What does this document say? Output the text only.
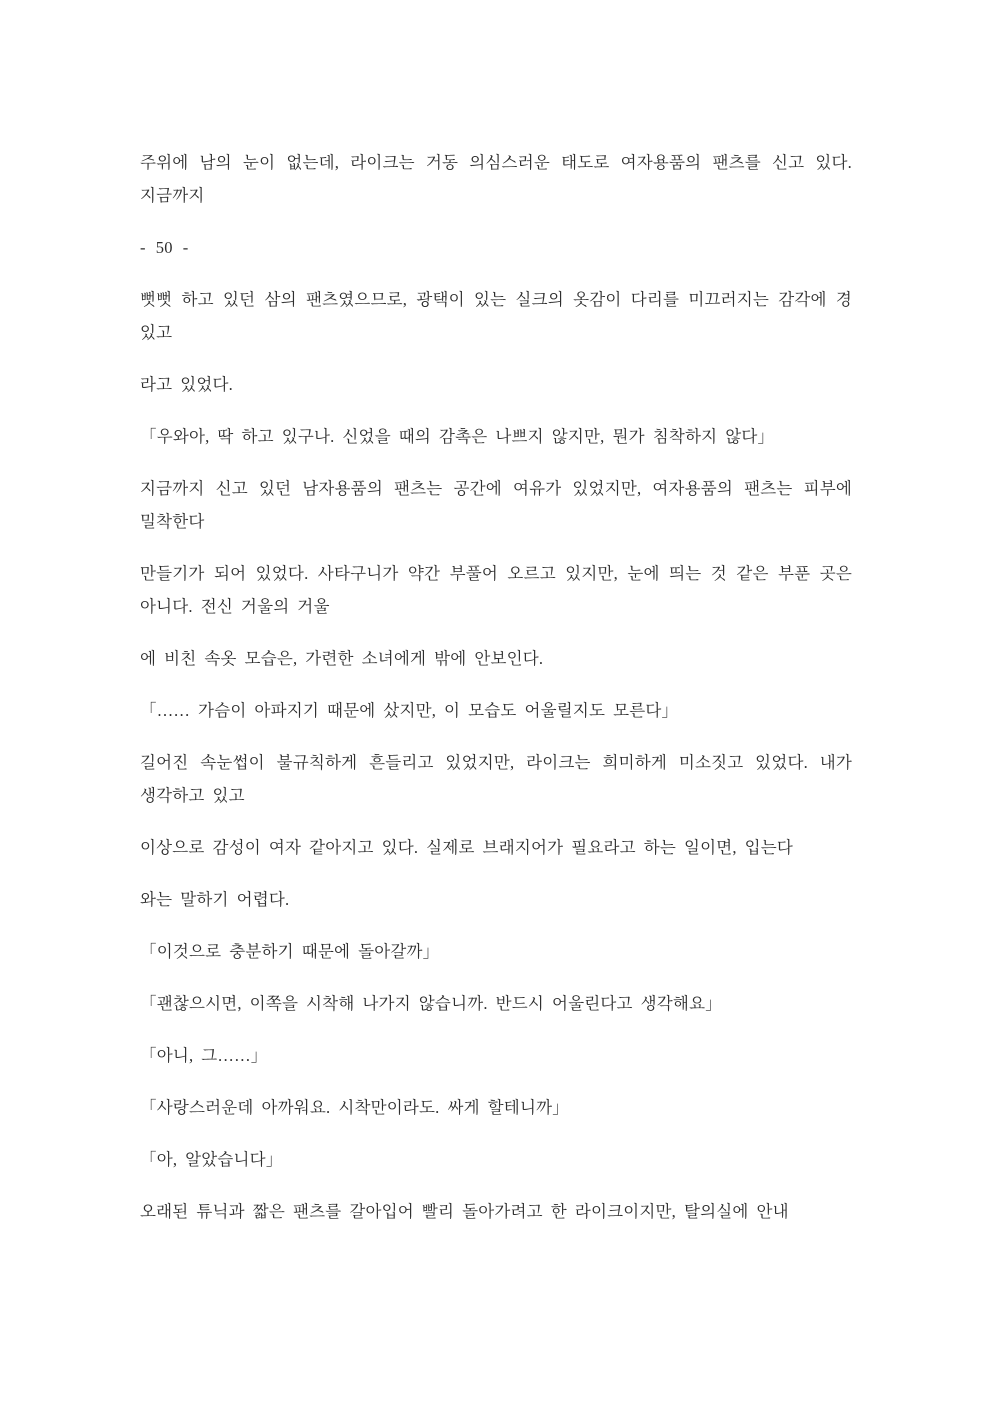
주위에 남의 눈이 없는데, 라이크는 거동 의심스러운 태도로 여자용품의 팬츠를 신고 있다.
지금까지
- 50 -
뻣뻣 하고 있던 삼의 팬츠였으므로, 광택이 있는 실크의 옷감이 다리를 미끄러지는 감각에 경
있고
라고 있었다.
「우와아, 딱 하고 있구나. 신었을 때의 감촉은 나쁘지 않지만, 뭔가 침착하지 않다」
지금까지 신고 있던 남자용품의 팬츠는 공간에 여유가 있었지만, 여자용품의 팬츠는 피부에
밀착한다
만들기가 되어 있었다. 사타구니가 약간 부풀어 오르고 있지만, 눈에 띄는 것 같은 부푼 곳은
아니다. 전신 거울의 거울
에 비친 속옷 모습은, 가련한 소녀에게 밖에 안보인다.
「…… 가슴이 아파지기 때문에 샀지만, 이 모습도 어울릴지도 모른다」
길어진 속눈썹이 불규칙하게 흔들리고 있었지만, 라이크는 희미하게 미소짓고 있었다. 내가
생각하고 있고
이상으로 감성이 여자 같아지고 있다. 실제로 브래지어가 필요라고 하는 일이면, 입는다
와는 말하기 어렵다.
「이것으로 충분하기 때문에 돌아갈까」
「괜찮으시면, 이쪽을 시착해 나가지 않습니까. 반드시 어울린다고 생각해요」
「아니, 그……」
「사랑스러운데 아까워요. 시착만이라도. 싸게 할테니까」
「아, 알았습니다」
오래된 튜닉과 짧은 팬츠를 갈아입어 빨리 돌아가려고 한 라이크이지만, 탈의실에 안내
